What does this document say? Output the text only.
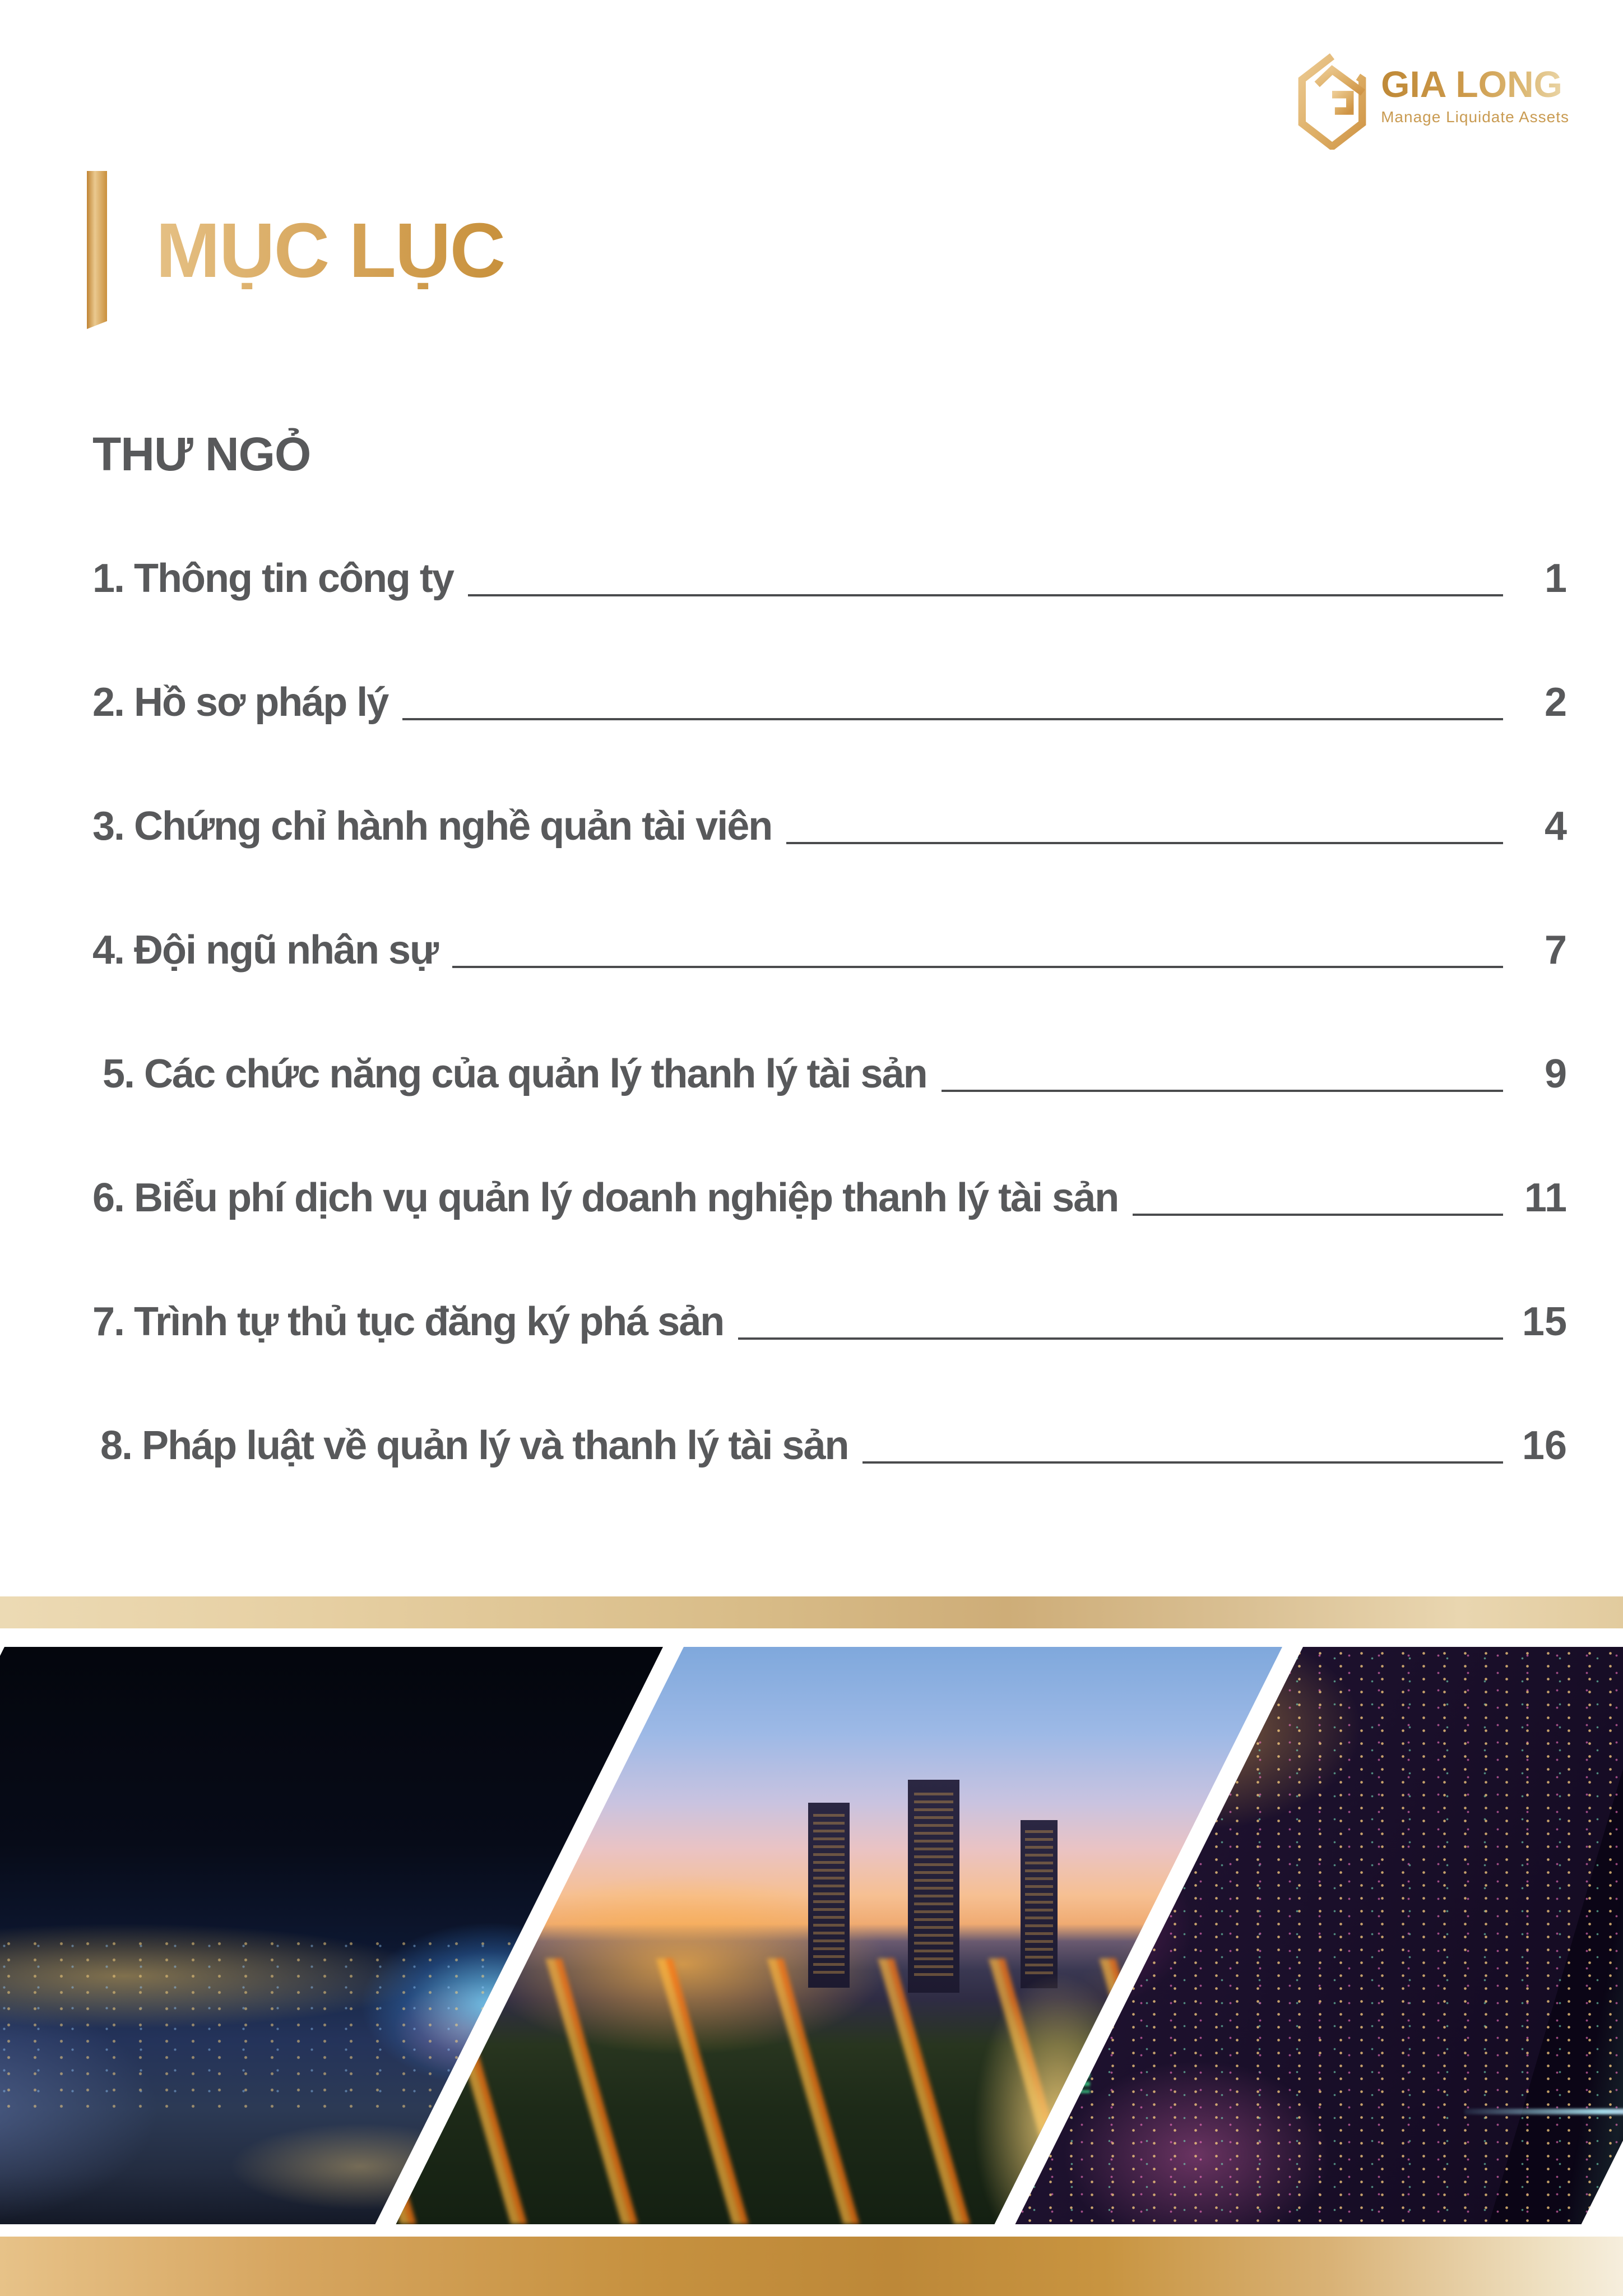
GIA LONG
Manage Liquidate Assets
MỤC LỤC
THƯ NGỎ
1. Thông tin công ty	1
2. Hồ sơ pháp lý	2
3. Chứng chỉ hành nghề quản tài viên	4
4. Đội ngũ nhân sự	7
5. Các chức năng của quản lý thanh lý tài sản	9
6. Biểu phí dịch vụ quản lý doanh nghiệp thanh lý tài sản	11
7. Trình tự thủ tục đăng ký phá sản	15
8. Pháp luật về quản lý và thanh lý tài sản	16
